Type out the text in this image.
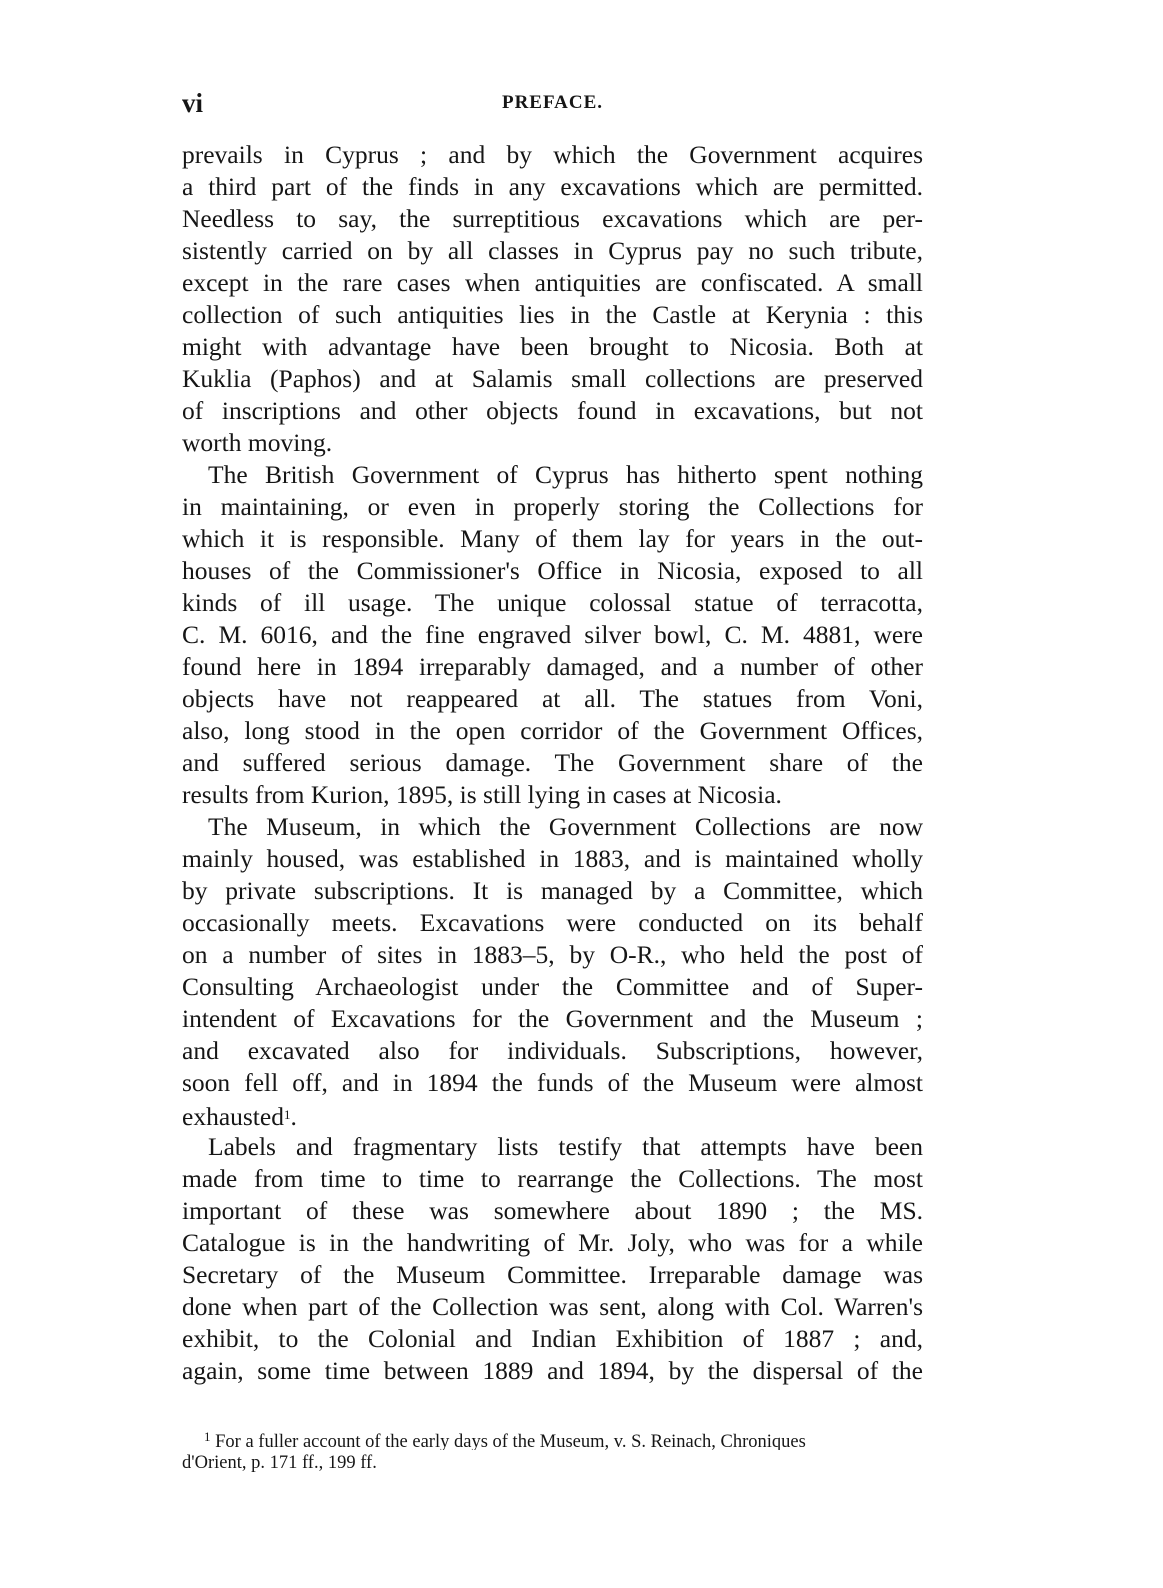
vi	PREFACE.
prevails in Cyprus ; and by which the Government acquires
a third part of the finds in any excavations which are permitted.
Needless to say, the surreptitious excavations which are per-
sistently carried on by all classes in Cyprus pay no such tribute,
except in the rare cases when antiquities are confiscated. A small
collection of such antiquities lies in the Castle at Kerynia : this
might with advantage have been brought to Nicosia. Both at
Kuklia (Paphos) and at Salamis small collections are preserved
of inscriptions and other objects found in excavations, but not
worth moving.
The British Government of Cyprus has hitherto spent nothing
in maintaining, or even in properly storing the Collections for
which it is responsible. Many of them lay for years in the out-
houses of the Commissioner's Office in Nicosia, exposed to all
kinds of ill usage. The unique colossal statue of terracotta,
C. M. 6016, and the fine engraved silver bowl, C. M. 4881, were
found here in 1894 irreparably damaged, and a number of other
objects have not reappeared at all. The statues from Voni,
also, long stood in the open corridor of the Government Offices,
and suffered serious damage. The Government share of the
results from Kurion, 1895, is still lying in cases at Nicosia.
The Museum, in which the Government Collections are now
mainly housed, was established in 1883, and is maintained wholly
by private subscriptions. It is managed by a Committee, which
occasionally meets. Excavations were conducted on its behalf
on a number of sites in 1883–5, by O-R., who held the post of
Consulting Archaeologist under the Committee and of Super-
intendent of Excavations for the Government and the Museum ;
and excavated also for individuals. Subscriptions, however,
soon fell off, and in 1894 the funds of the Museum were almost
exhausted$^1$.
Labels and fragmentary lists testify that attempts have been
made from time to time to rearrange the Collections. The most
important of these was somewhere about 1890 ; the MS.
Catalogue is in the handwriting of Mr. Joly, who was for a while
Secretary of the Museum Committee. Irreparable damage was
done when part of the Collection was sent, along with Col. Warren's
exhibit, to the Colonial and Indian Exhibition of 1887 ; and,
again, some time between 1889 and 1894, by the dispersal of the
$^1$ For a fuller account of the early days of the Museum, v. S. Reinach, Chroniques
d'Orient, p. 171 ff., 199 ff.
